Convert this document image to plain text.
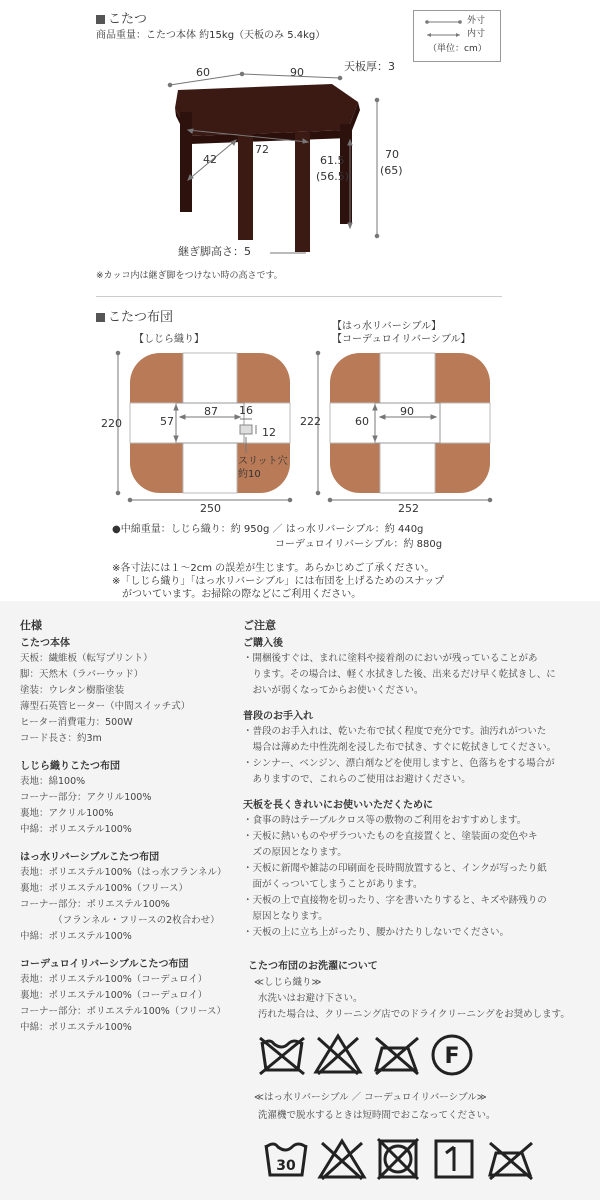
こたつ
商品重量：こたつ本体 約15kg（天板のみ 5.4kg）
外寸
内寸
（単位：cm）
60	90	天板厚：3
70
(65)
61.5
(56.5)
72
42
継ぎ脚高さ：5
※カッコ内は継ぎ脚をつけない時の高さです。
こたつ布団
【しじら織り】
【はっ水リバーシブル】
【コーデュロイリバーシブル】
220
250
87
57
16
12
スリット穴
約10
222
252
90
60
●中綿重量：しじら織り：約 950g ／ はっ水リバーシブル：約 440g
コーデュロイリバーシブル：約 880g
※各寸法には１～2cm の誤差が生じます。あらかじめご了承ください。
※「しじら織り」「はっ水リバーシブル」には布団を上げるためのスナップ
がついています。お掃除の際などにご利用ください。
仕様
こたつ本体
天板：繊維板（転写プリント）
脚：天然木（ラバーウッド）
塗装：ウレタン樹脂塗装
薄型石英管ヒーター（中間スイッチ式）
ヒーター消費電力：500W
コード長さ：約3m
しじら織りこたつ布団
表地：綿100%
コーナー部分：アクリル100%
裏地：アクリル100%
中綿：ポリエステル100%
はっ水リバーシブルこたつ布団
表地：ポリエステル100%（はっ水フランネル）
裏地：ポリエステル100%（フリース）
コーナー部分：ポリエステル100%
　　　　（フランネル・フリースの2枚合わせ）
中綿：ポリエステル100%
コーデュロイリバーシブルこたつ布団
表地：ポリエステル100%（コーデュロイ）
裏地：ポリエステル100%（コーデュロイ）
コーナー部分：ポリエステル100%（フリース）
中綿：ポリエステル100%
ご注意
ご購入後
・開梱後すぐは、まれに塗料や接着剤のにおいが残っていることがあ
　ります。その場合は、軽く水拭きした後、出来るだけ早く乾拭きし、に
　おいが弱くなってからお使いください。
普段のお手入れ
・普段のお手入れは、乾いた布で拭く程度で充分です。油汚れがついた
　場合は薄めた中性洗剤を浸した布で拭き、すぐに乾拭きしてください。
・シンナー、ベンジン、漂白剤などを使用しますと、色落ちをする場合が
　ありますので、これらのご使用はお避けください。
天板を長くきれいにお使いいただくために
・食事の時はテーブルクロス等の敷物のご利用をおすすめします。
・天板に熱いものやザラついたものを直接置くと、塗装面の変色やキ
　ズの原因となります。
・天板に新聞や雑誌の印刷面を長時間放置すると、インクが写ったり紙
　面がくっついてしまうことがあります。
・天板の上で直接物を切ったり、字を書いたりすると、キズや跡残りの
　原因となります。
・天板の上に立ち上がったり、腰かけたりしないでください。
こたつ布団のお洗濯について
≪しじら織り≫
水洗いはお避け下さい。
汚れた場合は、クリーニング店でのドライクリーニングをお奨めします。
F
≪はっ水リバーシブル ／ コーデュロイリバーシブル≫
洗濯機で脱水するときは短時間でおこなってください。
30
